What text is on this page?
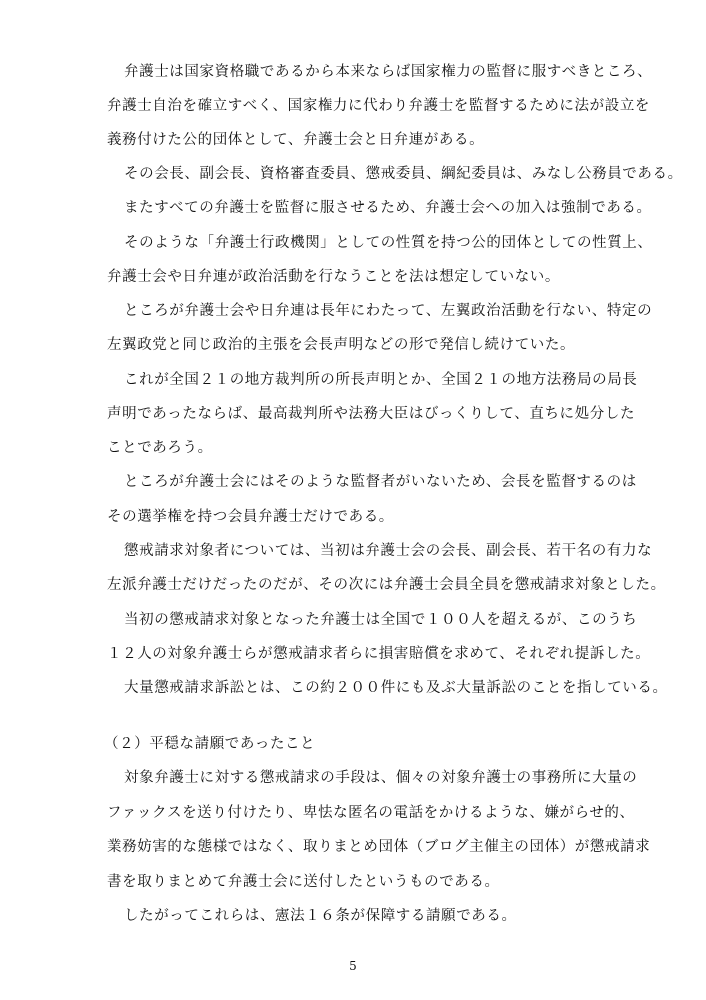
弁護士は国家資格職であるから本来ならば国家権力の監督に服すべきところ、
弁護士自治を確立すべく、国家権力に代わり弁護士を監督するために法が設立を
義務付けた公的団体として、弁護士会と日弁連がある。
その会長、副会長、資格審査委員、懲戒委員、綱紀委員は、みなし公務員である。
またすべての弁護士を監督に服させるため、弁護士会への加入は強制である。
そのような「弁護士行政機関」としての性質を持つ公的団体としての性質上、
弁護士会や日弁連が政治活動を行なうことを法は想定していない。
ところが弁護士会や日弁連は長年にわたって、左翼政治活動を行ない、特定の
左翼政党と同じ政治的主張を会長声明などの形で発信し続けていた。
これが全国２１の地方裁判所の所長声明とか、全国２１の地方法務局の局長
声明であったならば、最高裁判所や法務大臣はびっくりして、直ちに処分した
ことであろう。
ところが弁護士会にはそのような監督者がいないため、会長を監督するのは
その選挙権を持つ会員弁護士だけである。
懲戒請求対象者については、当初は弁護士会の会長、副会長、若干名の有力な
左派弁護士だけだったのだが、その次には弁護士会員全員を懲戒請求対象とした。
当初の懲戒請求対象となった弁護士は全国で１００人を超えるが、このうち
１２人の対象弁護士らが懲戒請求者らに損害賠償を求めて、それぞれ提訴した。
大量懲戒請求訴訟とは、この約２００件にも及ぶ大量訴訟のことを指している。
（２）平穏な請願であったこと
対象弁護士に対する懲戒請求の手段は、個々の対象弁護士の事務所に大量の
ファックスを送り付けたり、卑怯な匿名の電話をかけるような、嫌がらせ的、
業務妨害的な態様ではなく、取りまとめ団体（ブログ主催主の団体）が懲戒請求
書を取りまとめて弁護士会に送付したというものである。
したがってこれらは、憲法１６条が保障する請願である。
5
